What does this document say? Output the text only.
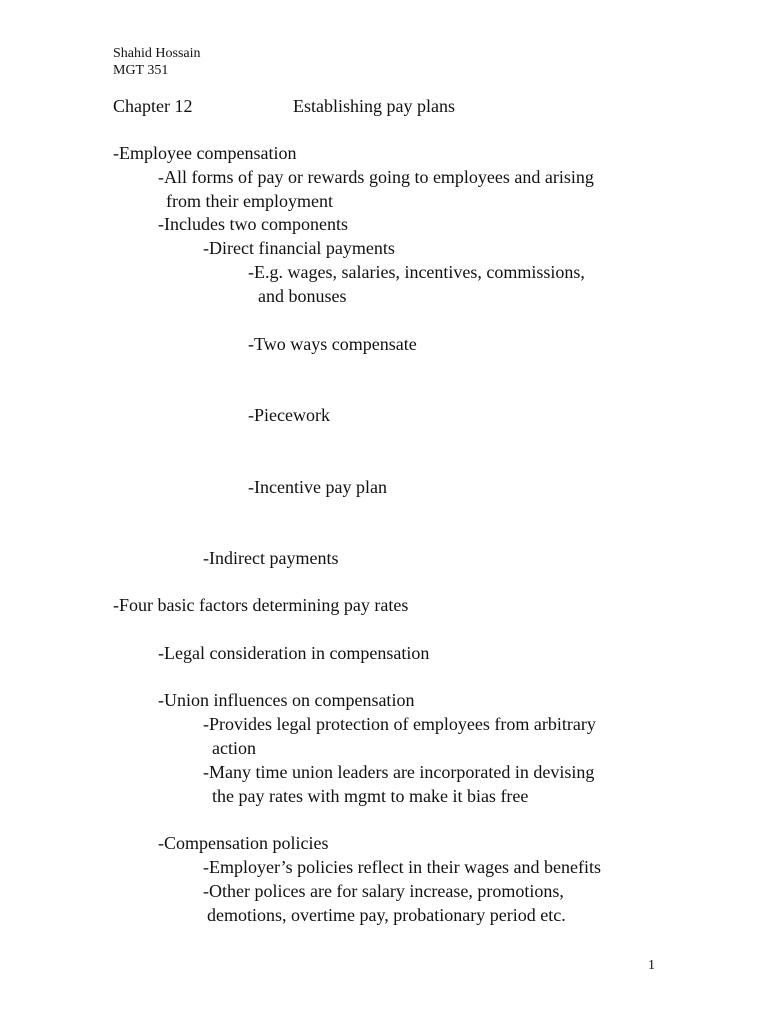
Shahid Hossain
MGT 351
Chapter 12	Establishing pay plans
-Employee compensation
-All forms of pay or rewards going to employees and arising
from their employment
-Includes two components
-Direct financial payments
-E.g. wages, salaries, incentives, commissions,
and bonuses
-Two ways compensate
-Piecework
-Incentive pay plan
-Indirect payments
-Four basic factors determining pay rates
-Legal consideration in compensation
-Union influences on compensation
-Provides legal protection of employees from arbitrary
action
-Many time union leaders are incorporated in devising
the pay rates with mgmt to make it bias free
-Compensation policies
-Employer’s policies reflect in their wages and benefits
-Other polices are for salary increase, promotions,
demotions, overtime pay, probationary period etc.
1
